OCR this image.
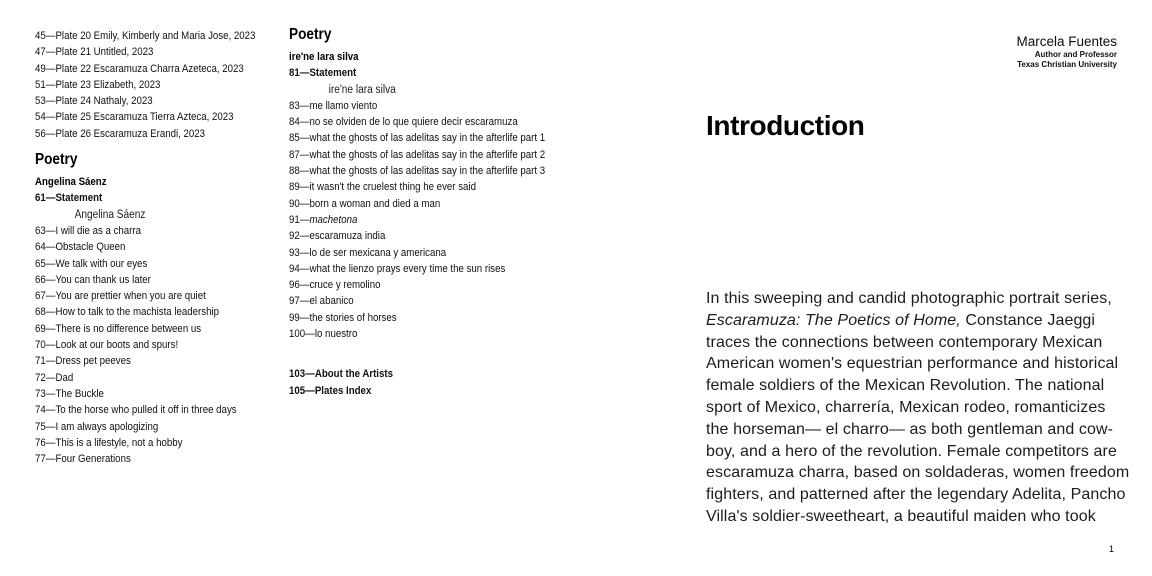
45—Plate 20 Emily, Kimberly and Maria Jose, 2023
47—Plate 21 Untitled, 2023
49—Plate 22 Escaramuza Charra Azeteca, 2023
51—Plate 23 Elizabeth, 2023
53—Plate 24 Nathaly, 2023
54—Plate 25 Escaramuza Tierra Azteca, 2023
56—Plate 26 Escaramuza Erandi, 2023
Poetry
Angelina Sáenz
61—Statement
Angelina Sáenz
63—I will die as a charra
64—Obstacle Queen
65—We talk with our eyes
66—You can thank us later
67—You are prettier when you are quiet
68—How to talk to the machista leadership
69—There is no difference between us
70—Look at our boots and spurs!
71—Dress pet peeves
72—Dad
73—The Buckle
74—To the horse who pulled it off in three days
75—I am always apologizing
76—This is a lifestyle, not a hobby
77—Four Generations
Poetry
ire'ne lara silva
81—Statement
ire'ne lara silva
83—me llamo viento
84—no se olviden de lo que quiere decir escaramuza
85—what the ghosts of las adelitas say in the afterlife part 1
87—what the ghosts of las adelitas say in the afterlife part 2
88—what the ghosts of las adelitas say in the afterlife part 3
89—it wasn't the cruelest thing he ever said
90—born a woman and died a man
91—machetona
92—escaramuza india
93—lo de ser mexicana y americana
94—what the lienzo prays every time the sun rises
96—cruce y remolino
97—el abanico
99—the stories of horses
100—lo nuestro
103—About the Artists
105—Plates Index
Marcela Fuentes
Author and Professor
Texas Christian University
Introduction
In this sweeping and candid photographic portrait series,
Escaramuza: The Poetics of Home, Constance Jaeggi
traces the connections between contemporary Mexican
American women's equestrian performance and historical
female soldiers of the Mexican Revolution. The national
sport of Mexico, charrería, Mexican rodeo, romanticizes
the horseman— el charro— as both gentleman and cow-
boy, and a hero of the revolution. Female competitors are
escaramuza charra, based on soldaderas, women freedom
fighters, and patterned after the legendary Adelita, Pancho
Villa's soldier-sweetheart, a beautiful maiden who took
1
